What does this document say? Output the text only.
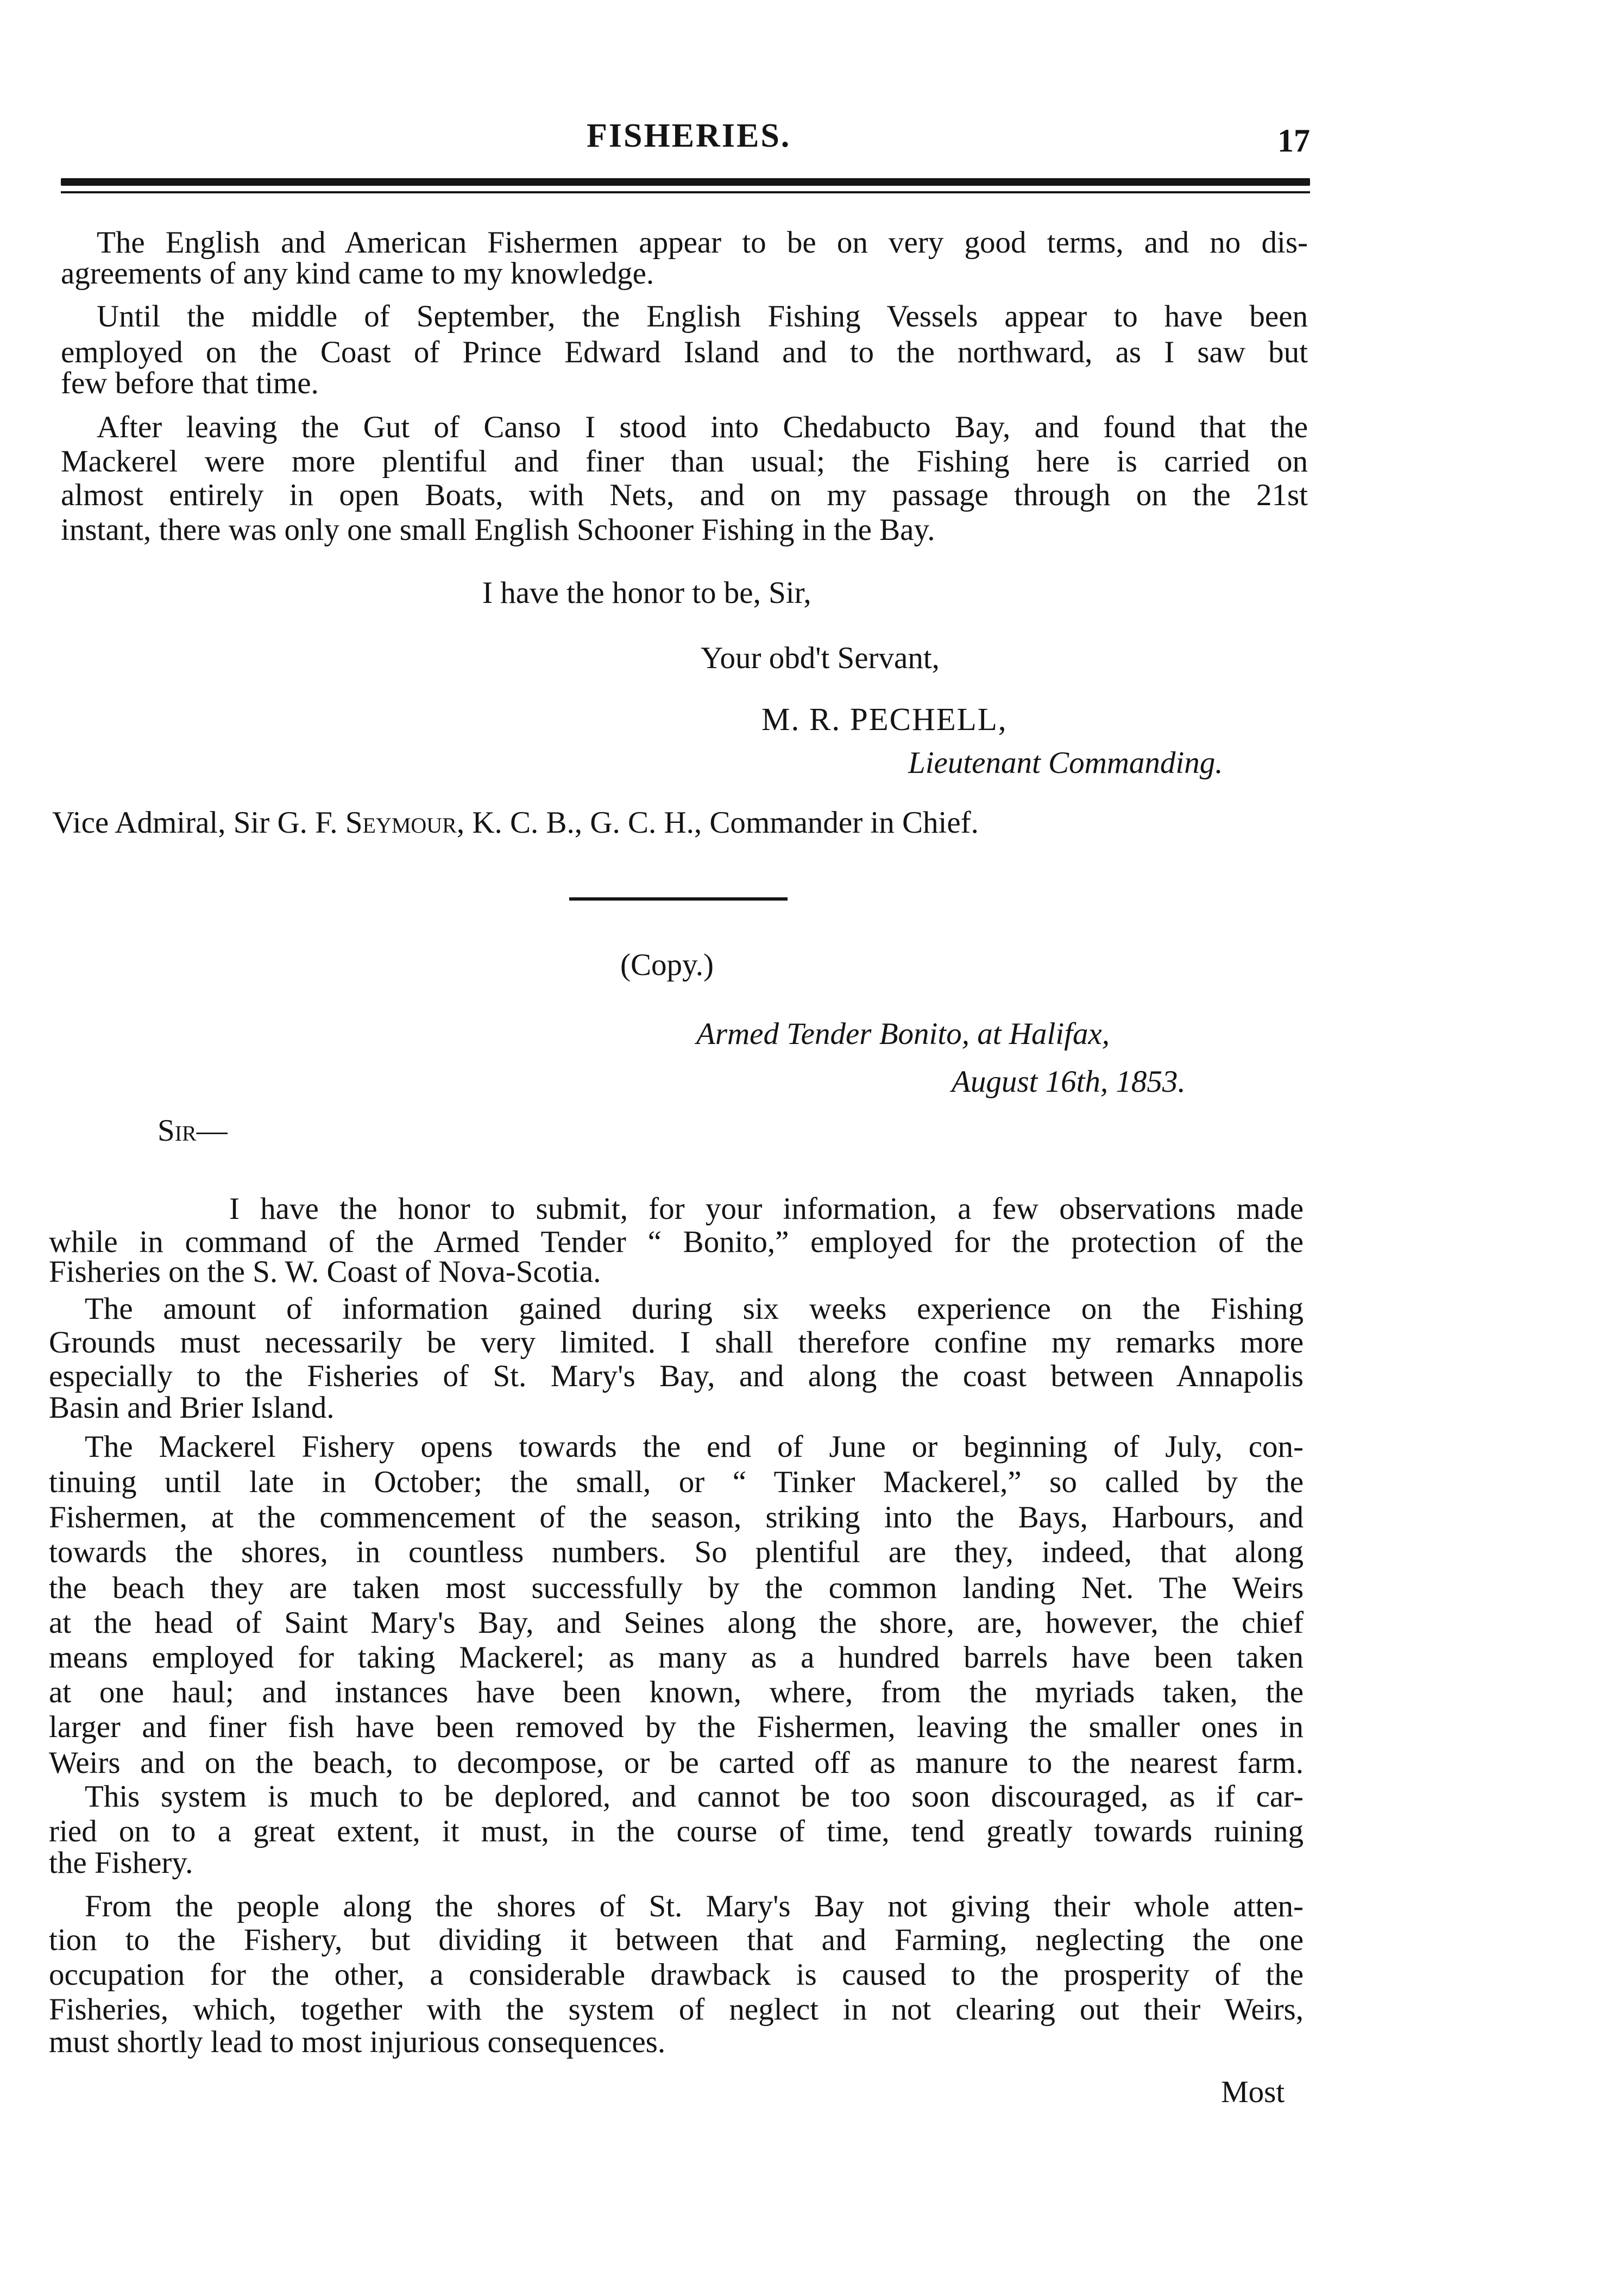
FISHERIES.	17
The English and American Fishermen appear to be on very good terms, and no dis-
agreements of any kind came to my knowledge.
Until the middle of September, the English Fishing Vessels appear to have been
employed on the Coast of Prince Edward Island and to the northward, as I saw but
few before that time.
After leaving the Gut of Canso I stood into Chedabucto Bay, and found that the
Mackerel were more plentiful and finer than usual; the Fishing here is carried on
almost entirely in open Boats, with Nets, and on my passage through on the 21st
instant, there was only one small English Schooner Fishing in the Bay.
I have the honor to be, Sir,
Your obd't Servant,
M. R. PECHELL,
Lieutenant Commanding.
Vice Admiral, Sir G. F. Seymour, K. C. B., G. C. H., Commander in Chief.
(Copy.)
Armed Tender Bonito, at Halifax,
August 16th, 1853.
Sir—
I have the honor to submit, for your information, a few observations made
while in command of the Armed Tender “ Bonito,” employed for the protection of the
Fisheries on the S. W. Coast of Nova-Scotia.
The amount of information gained during six weeks experience on the Fishing
Grounds must necessarily be very limited. I shall therefore confine my remarks more
especially to the Fisheries of St. Mary's Bay, and along the coast between Annapolis
Basin and Brier Island.
The Mackerel Fishery opens towards the end of June or beginning of July, con-
tinuing until late in October; the small, or “ Tinker Mackerel,” so called by the
Fishermen, at the commencement of the season, striking into the Bays, Harbours, and
towards the shores, in countless numbers. So plentiful are they, indeed, that along
the beach they are taken most successfully by the common landing Net. The Weirs
at the head of Saint Mary's Bay, and Seines along the shore, are, however, the chief
means employed for taking Mackerel; as many as a hundred barrels have been taken
at one haul; and instances have been known, where, from the myriads taken, the
larger and finer fish have been removed by the Fishermen, leaving the smaller ones in
Weirs and on the beach, to decompose, or be carted off as manure to the nearest farm.
This system is much to be deplored, and cannot be too soon discouraged, as if car-
ried on to a great extent, it must, in the course of time, tend greatly towards ruining
the Fishery.
From the people along the shores of St. Mary's Bay not giving their whole atten-
tion to the Fishery, but dividing it between that and Farming, neglecting the one
occupation for the other, a considerable drawback is caused to the prosperity of the
Fisheries, which, together with the system of neglect in not clearing out their Weirs,
must shortly lead to most injurious consequences.
Most
